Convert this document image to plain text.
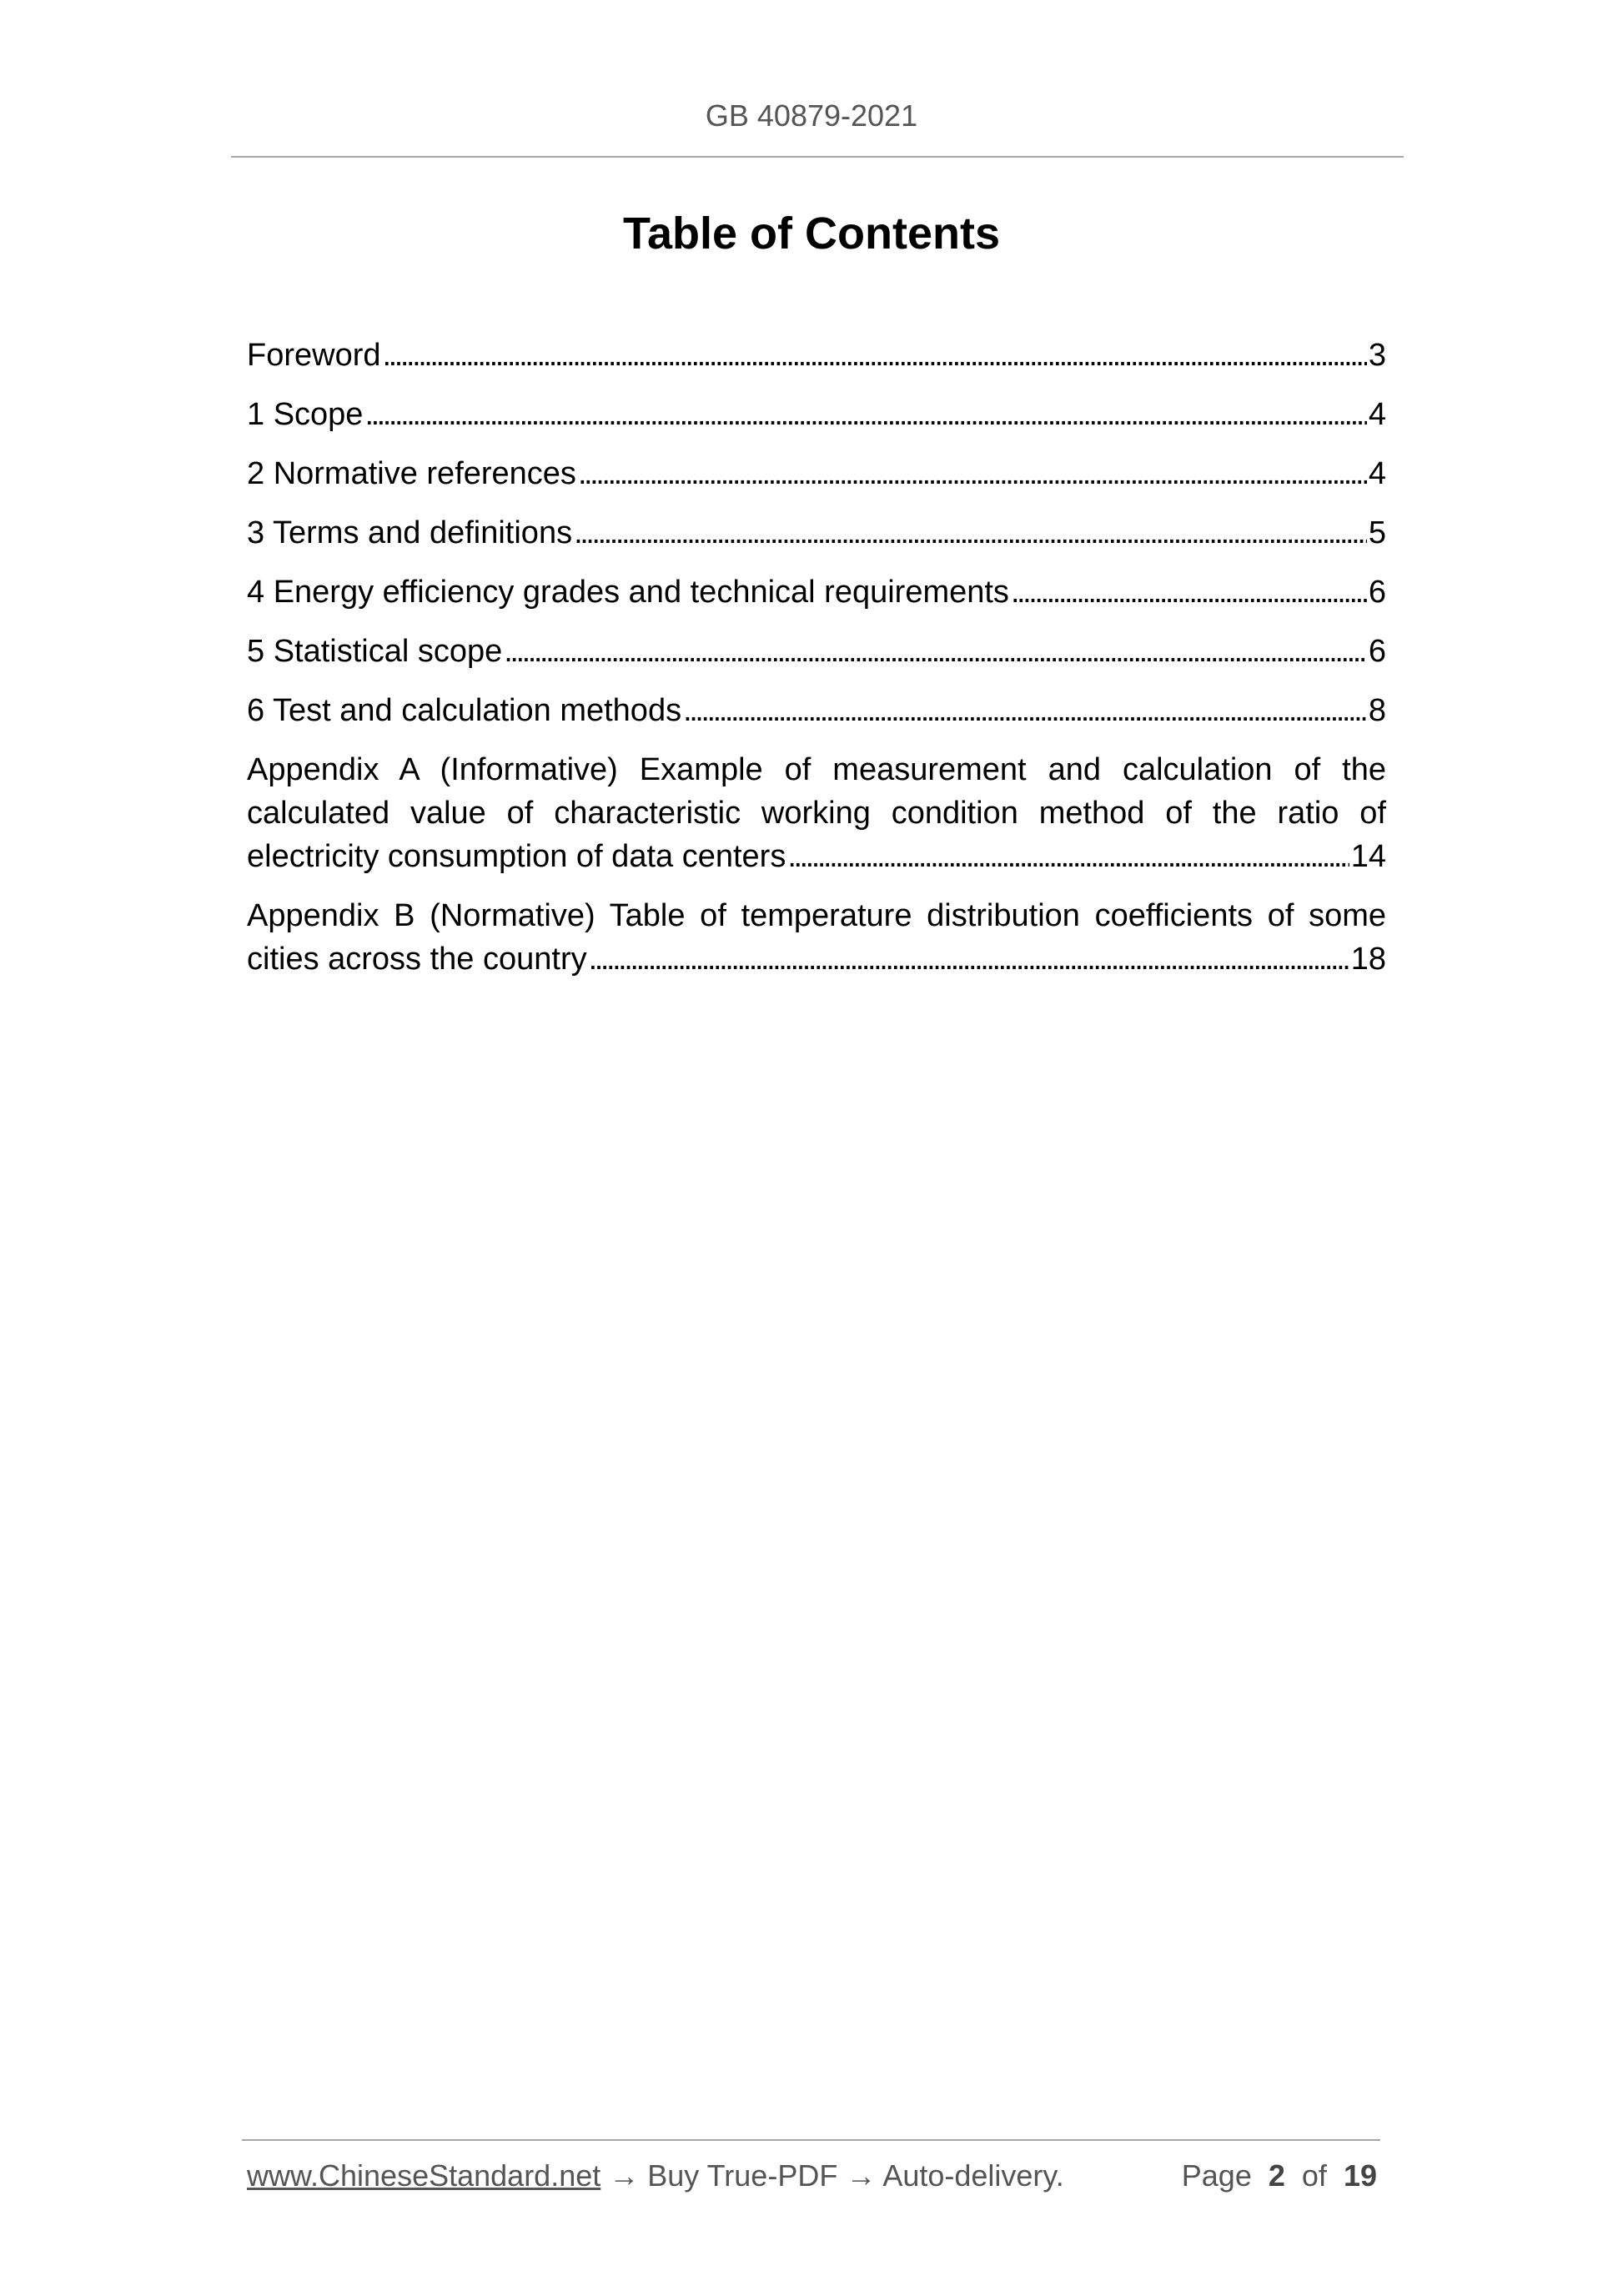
GB 40879-2021
Table of Contents
Foreword . . .	3
1 Scope . . .	4
2 Normative references . . .	4
3 Terms and definitions . . .	5
4 Energy efficiency grades and technical requirements . . .	6
5 Statistical scope . . .	6
6 Test and calculation methods . . .	8
Appendix A (Informative) Example of measurement and calculation of the
calculated value of characteristic working condition method of the ratio of
electricity consumption of data centers . . .	14
Appendix B (Normative) Table of temperature distribution coefficients of some
cities across the country . . .	18
www.ChineseStandard.net → Buy True-PDF → Auto-delivery.	Page 2 of 19
